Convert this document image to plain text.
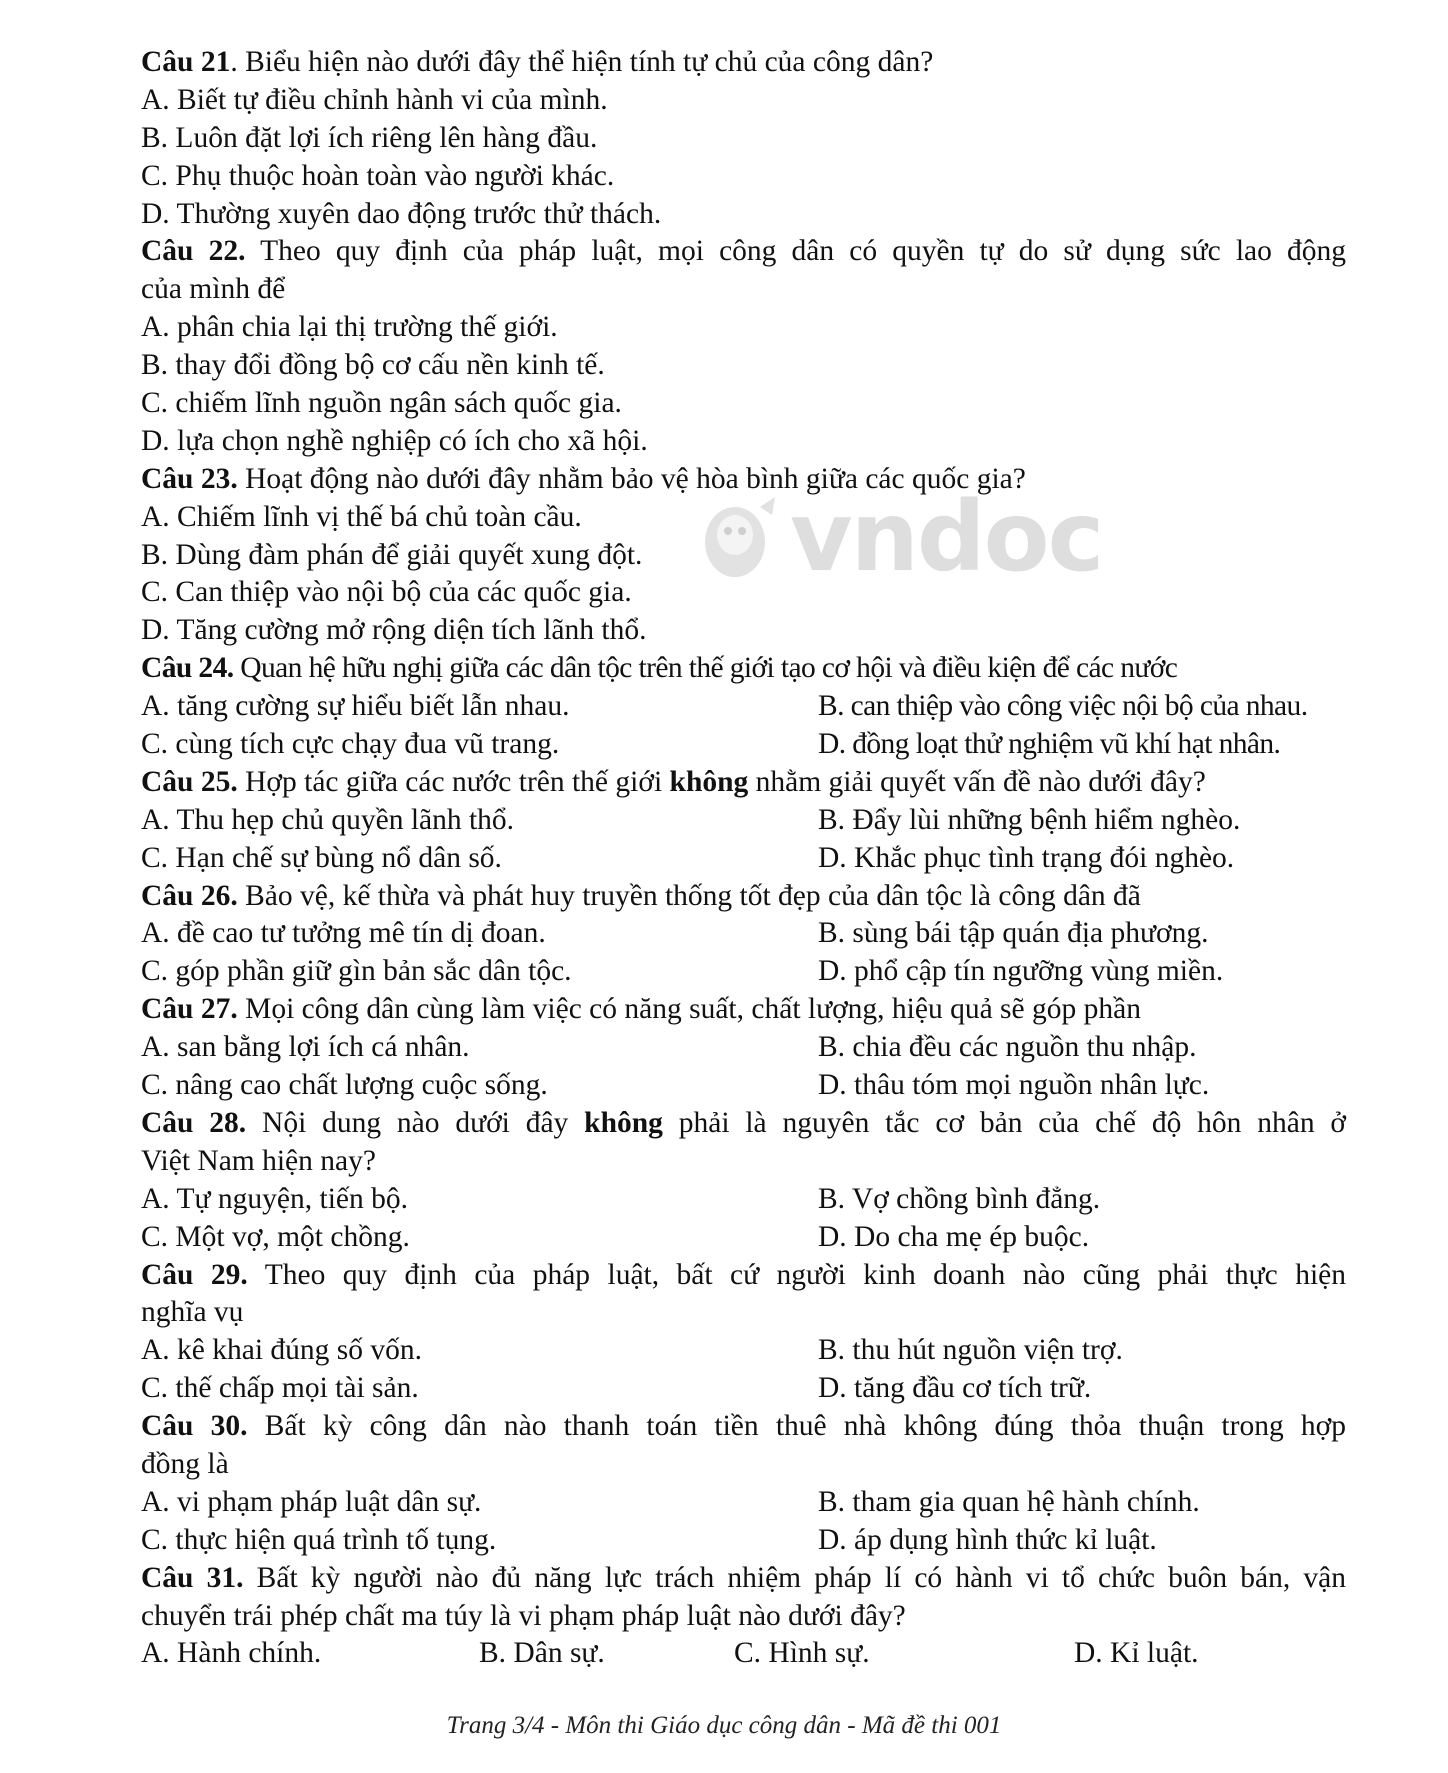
Câu 21. Biểu hiện nào dưới đây thể hiện tính tự chủ của công dân?
A. Biết tự điều chỉnh hành vi của mình.
B. Luôn đặt lợi ích riêng lên hàng đầu.
C. Phụ thuộc hoàn toàn vào người khác.
D. Thường xuyên dao động trước thử thách.
Câu 22. Theo quy định của pháp luật, mọi công dân có quyền tự do sử dụng sức lao động
của mình để
A. phân chia lại thị trường thế giới.
B. thay đổi đồng bộ cơ cấu nền kinh tế.
C. chiếm lĩnh nguồn ngân sách quốc gia.
D. lựa chọn nghề nghiệp có ích cho xã hội.
Câu 23. Hoạt động nào dưới đây nhằm bảo vệ hòa bình giữa các quốc gia?
A. Chiếm lĩnh vị thế bá chủ toàn cầu.
B. Dùng đàm phán để giải quyết xung đột.
C. Can thiệp vào nội bộ của các quốc gia.
D. Tăng cường mở rộng diện tích lãnh thổ.
Câu 24. Quan hệ hữu nghị giữa các dân tộc trên thế giới tạo cơ hội và điều kiện để các nước
A. tăng cường sự hiểu biết lẫn nhau.	B. can thiệp vào công việc nội bộ của nhau.
C. cùng tích cực chạy đua vũ trang.	D. đồng loạt thử nghiệm vũ khí hạt nhân.
Câu 25. Hợp tác giữa các nước trên thế giới không nhằm giải quyết vấn đề nào dưới đây?
A. Thu hẹp chủ quyền lãnh thổ.	B. Đẩy lùi những bệnh hiểm nghèo.
C. Hạn chế sự bùng nổ dân số.	D. Khắc phục tình trạng đói nghèo.
Câu 26. Bảo vệ, kế thừa và phát huy truyền thống tốt đẹp của dân tộc là công dân đã
A. đề cao tư tưởng mê tín dị đoan.	B. sùng bái tập quán địa phương.
C. góp phần giữ gìn bản sắc dân tộc.	D. phổ cập tín ngưỡng vùng miền.
Câu 27. Mọi công dân cùng làm việc có năng suất, chất lượng, hiệu quả sẽ góp phần
A. san bằng lợi ích cá nhân.	B. chia đều các nguồn thu nhập.
C. nâng cao chất lượng cuộc sống.	D. thâu tóm mọi nguồn nhân lực.
Câu 28. Nội dung nào dưới đây không phải là nguyên tắc cơ bản của chế độ hôn nhân ở
Việt Nam hiện nay?
A. Tự nguyện, tiến bộ.	B. Vợ chồng bình đẳng.
C. Một vợ, một chồng.	D. Do cha mẹ ép buộc.
Câu 29. Theo quy định của pháp luật, bất cứ người kinh doanh nào cũng phải thực hiện
nghĩa vụ
A. kê khai đúng số vốn.	B. thu hút nguồn viện trợ.
C. thế chấp mọi tài sản.	D. tăng đầu cơ tích trữ.
Câu 30. Bất kỳ công dân nào thanh toán tiền thuê nhà không đúng thỏa thuận trong hợp
đồng là
A. vi phạm pháp luật dân sự.	B. tham gia quan hệ hành chính.
C. thực hiện quá trình tố tụng.	D. áp dụng hình thức kỉ luật.
Câu 31. Bất kỳ người nào đủ năng lực trách nhiệm pháp lí có hành vi tổ chức buôn bán, vận
chuyển trái phép chất ma túy là vi phạm pháp luật nào dưới đây?
A. Hành chính.	B. Dân sự.	C. Hình sự.	D. Kỉ luật.
vndoc
Trang 3/4 - Môn thi Giáo dục công dân - Mã đề thi 001
